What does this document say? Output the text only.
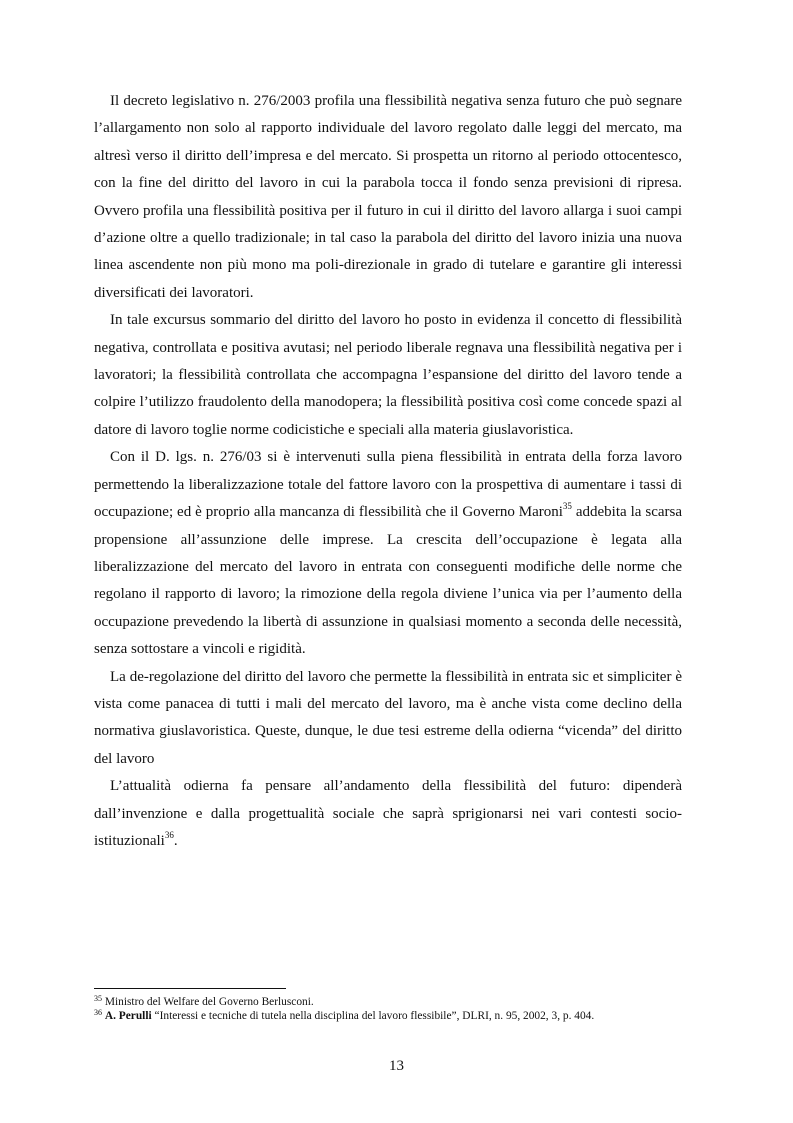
Il decreto legislativo n. 276/2003 profila una flessibilità negativa senza futuro che può segnare l’allargamento non solo al rapporto individuale del lavoro regolato dalle leggi del mercato, ma altresì verso il diritto dell’impresa e del mercato. Si prospetta un ritorno al periodo ottocentesco, con la fine del diritto del lavoro in cui la parabola tocca il fondo senza previsioni di ripresa. Ovvero profila una flessibilità positiva per il futuro in cui il diritto del lavoro allarga i suoi campi d’azione oltre a quello tradizionale; in tal caso la parabola del diritto del lavoro inizia una nuova linea ascendente non più mono ma poli-direzionale in grado di tutelare e garantire gli interessi diversificati dei lavoratori.

In tale excursus sommario del diritto del lavoro ho posto in evidenza il concetto di flessibilità negativa, controllata e positiva avutasi; nel periodo liberale regnava una flessibilità negativa per i lavoratori; la flessibilità controllata che accompagna l’espansione del diritto del lavoro tende a colpire l’utilizzo fraudolento della manodopera; la flessibilità positiva così come concede spazi al datore di lavoro toglie norme codicistiche e speciali alla materia giuslavoristica.

Con il D. lgs. n. 276/03 si è intervenuti sulla piena flessibilità in entrata della forza lavoro permettendo la liberalizzazione totale del fattore lavoro con la prospettiva di aumentare i tassi di occupazione; ed è proprio alla mancanza di flessibilità che il Governo Maroni$^{35}$ addebita la scarsa propensione all’assunzione delle imprese. La crescita dell’occupazione è legata alla liberalizzazione del mercato del lavoro in entrata con conseguenti modifiche delle norme che regolano il rapporto di lavoro; la rimozione della regola diviene l’unica via per l’aumento della occupazione prevedendo la libertà di assunzione in qualsiasi momento a seconda delle necessità, senza sottostare a vincoli e rigidità.

La de-regolazione del diritto del lavoro che permette la flessibilità in entrata sic et simpliciter è vista come panacea di tutti i mali del mercato del lavoro, ma è anche vista come declino della normativa giuslavoristica. Queste, dunque, le due tesi estreme della odierna “vicenda” del diritto del lavoro

L’attualità odierna fa pensare all’andamento della flessibilità del futuro: dipenderà dall’invenzione e dalla progettualità sociale che saprà sprigionarsi nei vari contesti socio-istituzionali$^{36}$.

$^{35}$ Ministro del Welfare del Governo Berlusconi.

$^{36}$ A. Perulli “Interessi e tecniche di tutela nella disciplina del lavoro flessibile”, DLRI, n. 95, 2002, 3, p. 404.

13
